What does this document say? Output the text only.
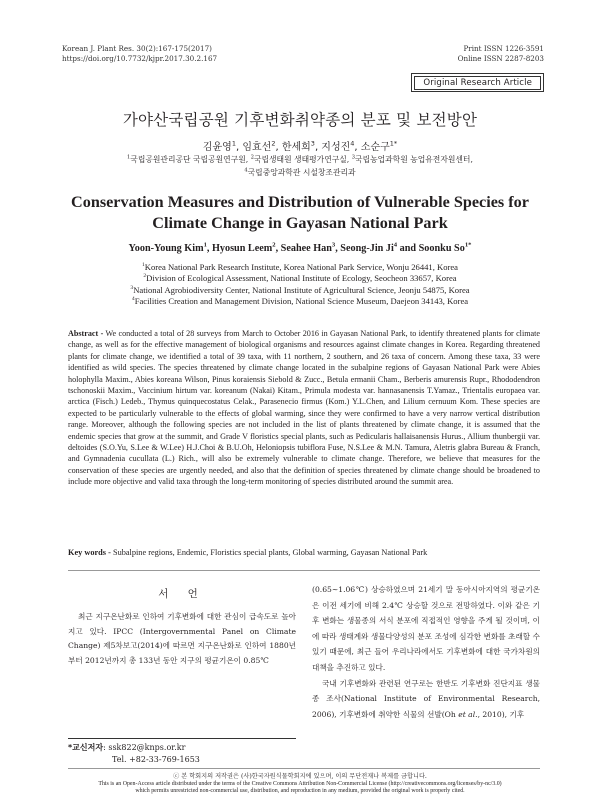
Korean J. Plant Res. 30(2):167-175(2017)
https://doi.org/10.7732/kjpr.2017.30.2.167
Print ISSN 1226-3591
Online ISSN 2287-8203
Original Research Article
가야산국립공원 기후변화취약종의 분포 및 보전방안
김윤영$^1$, 임효선$^2$, 한세희$^3$, 지성진$^4$, 소순구$^{1*}$
$^1$국립공원관리공단 국립공원연구원, $^2$국립생태원 생태평가연구실, $^3$국립농업과학원 농업유전자원센터,
$^4$국립중앙과학관 시설창조관리과
Conservation Measures and Distribution of Vulnerable Species for
Climate Change in Gayasan National Park
Yoon-Young Kim$^1$, Hyosun Leem$^2$, Seahee Han$^3$, Seong-Jin Ji$^4$ and Soonku $So^{1*}$
$^1$Korea National Park Research Institute, Korea National Park Service, Wonju 26441, Korea
$^2$Division of Ecological Assessment, National Institute of Ecology, Seocheon 33657, Korea
$^3$National Agrobiodiversity Center, National Institute of Agricultural Science, Jeonju 54875, Korea
$^4$Facilities Creation and Management Division, National Science Museum, Daejeon 34143, Korea
Abstract - We conducted a total of 28 surveys from March to October 2016 in Gayasan National Park, to identify threatened plants for climate change, as well as for the effective management of biological organisms and resources against climate changes in Korea. Regarding threatened plants for climate change, we identified a total of 39 taxa, with 11 northern, 2 southern, and 26 taxa of concern. Among these taxa, 33 were identified as wild species. The species threatened by climate change located in the subalpine regions of Gayasan National Park were Abies holophylla Maxim., Abies koreana Wilson, Pinus koraiensis Siebold & Zucc., Betula ermanii Cham., Berberis amurensis Rupr., Rhododendron tschonoskii Maxim., Vaccinium hirtum var. koreanum (Nakai) Kitam., Primula modesta var. hannasanensis T.Yamaz., Trientalis europaea var. arctica (Fisch.) Ledeb., Thymus quinquecostatus Celak., Parasenecio firmus (Kom.) Y.L.Chen, and Lilium cernuum Kom. These species are expected to be particularly vulnerable to the effects of global warming, since they were confirmed to have a very narrow vertical distribution range. Moreover, although the following species are not included in the list of plants threatened by climate change, it is assumed that the endemic species that grow at the summit, and Grade V floristics special plants, such as Pedicularis hallaisanensis Hurus., Allium thunbergii var. deltoides (S.O.Yu, S.Lee & W.Lee) H.J.Choi & B.U.Oh, Heloniopsis tubiflora Fuse, N.S.Lee & M.N. Tamura, Aletris glabra Bureau & Franch, and Gymnadenia cucullata (L.) Rich., will also be extremely vulnerable to climate change. Therefore, we believe that measures for the conservation of these species are urgently needed, and also that the definition of species threatened by climate change should be broadened to include more objective and valid taxa through the long-term monitoring of species distributed around the summit area.
Key words - Subalpine regions, Endemic, Floristics special plants, Global warming, Gayasan National Park
서 언

최근 지구온난화로 인하여 기후변화에 대한 관심이 급속도로 높아지고 있다. IPCC (Intergovernmental Panel on Climate Change) 제5차보고(2014)에 따르면 지구온난화로 인하여 1880년부터 2012년까지 총 133년 동안 지구의 평균기온이 0.85℃

(0.65∼1.06℃) 상승하였으며 21세기 말 동아시아지역의 평균기온은 이전 세기에 비해 2.4℃ 상승할 것으로 전망하였다. 이와 같은 기후 변화는 생물종의 서식 분포에 직접적인 영향을 주게 될 것이며, 이에 따라 생태계와 생물다양성의 분포 조성에 심각한 변화를 초래할 수 있기 때문에, 최근 들어 우리나라에서도 기후변화에 대한 국가차원의 대책을 추진하고 있다.

국내 기후변화와 관련된 연구로는 한반도 기후변화 진단지표 생물종 조사(National Institute of Environmental Research, 2006), 기후변화에 취약한 식물의 선발(Oh et al., 2010), 기후

*교신저자: ssk822@knps.or.kr
Tel. +82-33-769-1653
ⓒ 본 학회지의 저작권은 (사)한국자원식물학회지에 있으며, 이의 무단전재나 복제를 금합니다.
This is an Open-Access article distributed under the terms of the Creative Commons Attribution Non-Commercial License (http://creativecommons.org/licenses/by-nc/3.0)
which permits unrestricted non-commercial use, distribution, and reproduction in any medium, provided the original work is properly cited.
